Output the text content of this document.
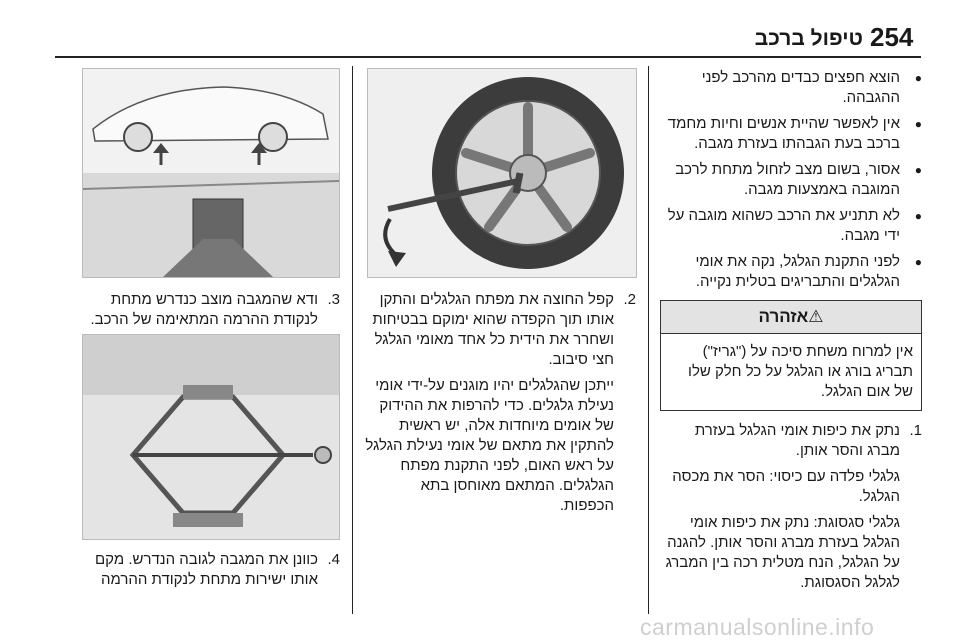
254
טיפול ברכב
● הוצא חפצים כבדים מהרכב לפני ההגבהה.
● אין לאפשר שהיית אנשים וחיות מחמד ברכב בעת הגבהתו בעזרת מגבה.
● אסור, בשום מצב לזחול מתחת לרכב המוגבה באמצעות מגבה.
● לא תתניע את הרכב כשהוא מוגבה על ידי מגבה.
● לפני התקנת הגלגל, נקה את אומי הגלגלים והתבריגים בטלית נקייה.
⚠אזהרה
אין למרוח משחת סיכה על ("גריז") תבריג בורג או הגלגל על כל חלק שלו של אום הגלגל.
1.
נתק את כיפות אומי הגלגל בעזרת מברג והסר אותן.
גלגלי פלדה עם כיסוי: הסר את מכסה הגלגל.
גלגלי סגסוגת: נתק את כיפות אומי הגלגל בעזרת מברג והסר אותן. להגנה על הגלגל, הנח מטלית רכה בין המברג לגלגל הסגסוגת.
2.
קפל החוצה את מפתח הגלגלים והתקן אותו תוך הקפדה שהוא ימוקם בבטיחות ושחרר את הידית כל אחד מאומי הגלגל חצי סיבוב.
ייתכן שהגלגלים יהיו מוגנים על-ידי אומי נעילת גלגלים. כדי להרפות את ההידוק של אומים מיוחדות אלה, יש ראשית להתקין את מתאם של אומי נעילת הגלגל על ראש האום, לפני התקנת מפתח הגלגלים. המתאם מאוחסן בתא הכפפות.
3.
ודא שהמגבה מוצב כנדרש מתחת לנקודת ההרמה המתאימה של הרכב.
4.
כוונן את המגבה לגובה הנדרש. מקם אותו ישירות מתחת לנקודת ההרמה
carmanualsonline.info
